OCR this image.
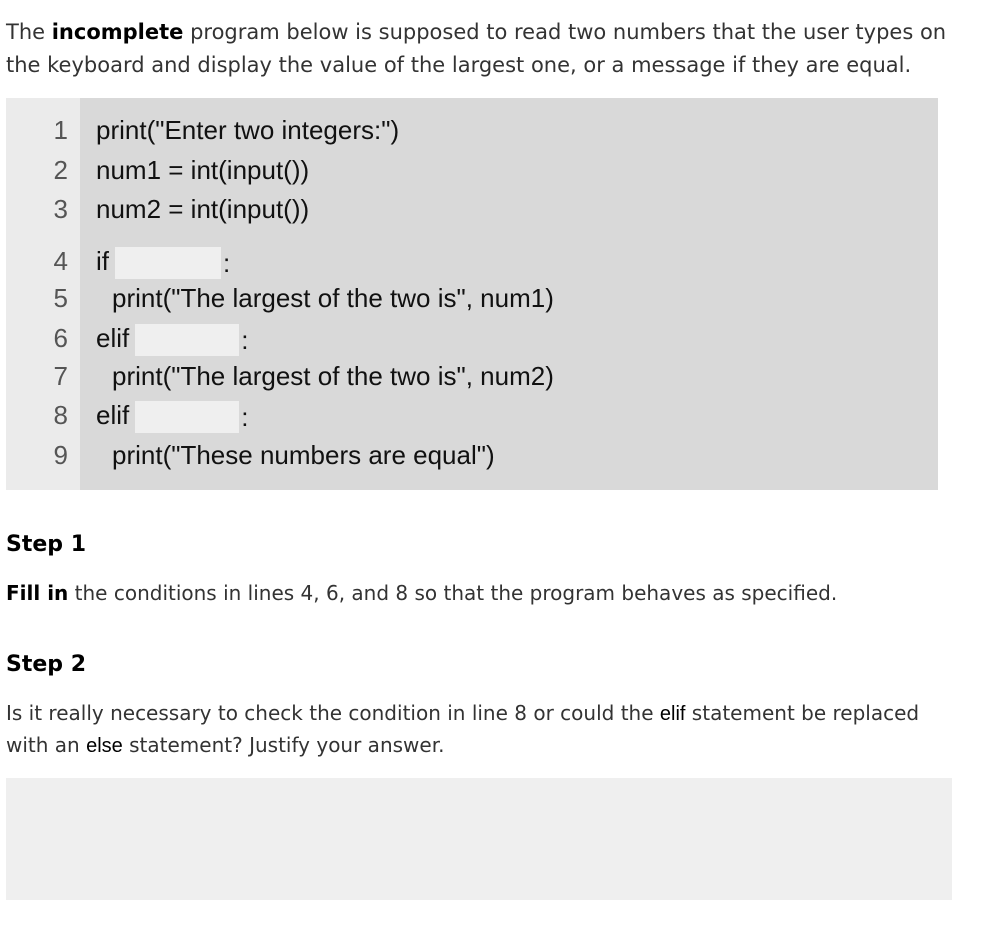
The incomplete program below is supposed to read two numbers that the user types on the keyboard and display the value of the largest one, or a message if they are equal.

1 print("Enter two integers:")
2 num1 = int(input())
3 num2 = int(input())
4 if	:
5 print("The largest of the two is", num1)
6 elif	:
7 print("The largest of the two is", num2)
8 elif	:
9 print("These numbers are equal")
Step 1

Fill in the conditions in lines 4, 6, and 8 so that the program behaves as specified.

Step 2

Is it really necessary to check the condition in line 8 or could the elif statement be replaced with an else statement? Justify your answer.
